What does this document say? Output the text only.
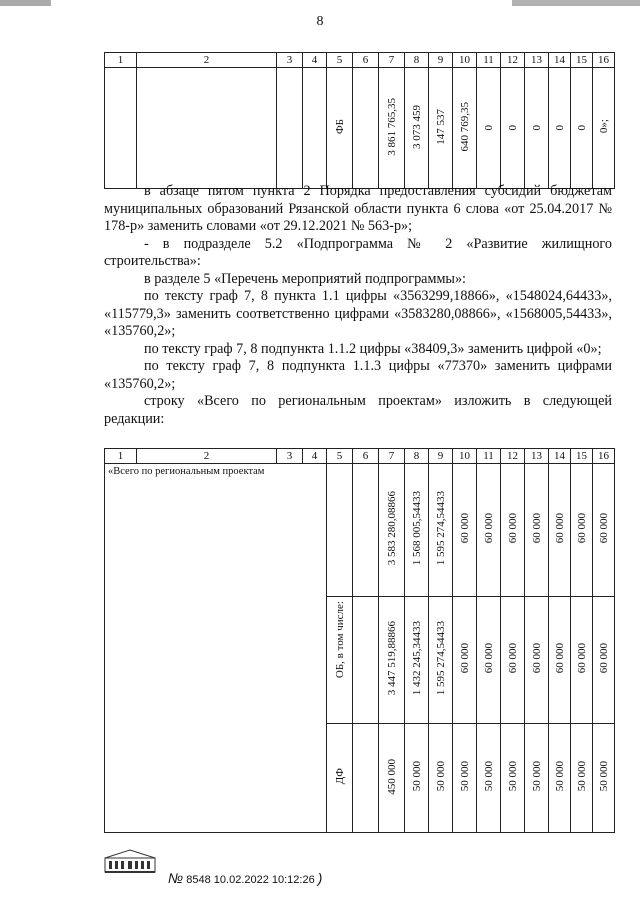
8
1	2	3	4	5	6	7	8	9	10	11	12	13	14	15	16
				ФБ		3 861 765,35	3 073 459	147 537	640 769,35	0	0	0	0	0	0»;

в абзаце пятом пункта 2 Порядка предоставления субсидий бюджетам муниципальных образований Рязанской области пункта 6 слова «от 25.04.2017 № 178-р» заменить словами «от 29.12.2021 № 563-р»;

- в подразделе 5.2 «Подпрограмма № 2 «Развитие жилищного строительства»:

в разделе 5 «Перечень мероприятий подпрограммы»:

по тексту граф 7, 8 пункта 1.1 цифры «3563299,18866», «1548024,64433», «115779,3» заменить соответственно цифрами «3583280,08866», «1568005,54433», «135760,2»;

по тексту граф 7, 8 подпункта 1.1.2 цифры «38409,3» заменить цифрой «0»;

по тексту граф 7, 8 подпункта 1.1.3 цифры «77370» заменить цифрами «135760,2»;

строку «Всего по региональным проектам» изложить в следующей редакции:

1	2	3	4	5	6	7	8	9	10	11	12	13	14	15	16
«Всего по региональным проектам						3 583 280,08866	1 568 005,54433	1 595 274,54433	60 000	60 000	60 000	60 000	60 000	60 000	60 000
				ОБ, в том числе:		3 447 519,88866	1 432 245,34433	1 595 274,54433	60 000	60 000	60 000	60 000	60 000	60 000	60 000
				ДФ		450 000	50 000	50 000	50 000	50 000	50 000	50 000	50 000	50 000	50 000
№ 8548 10.02.2022 10:12:26 )
